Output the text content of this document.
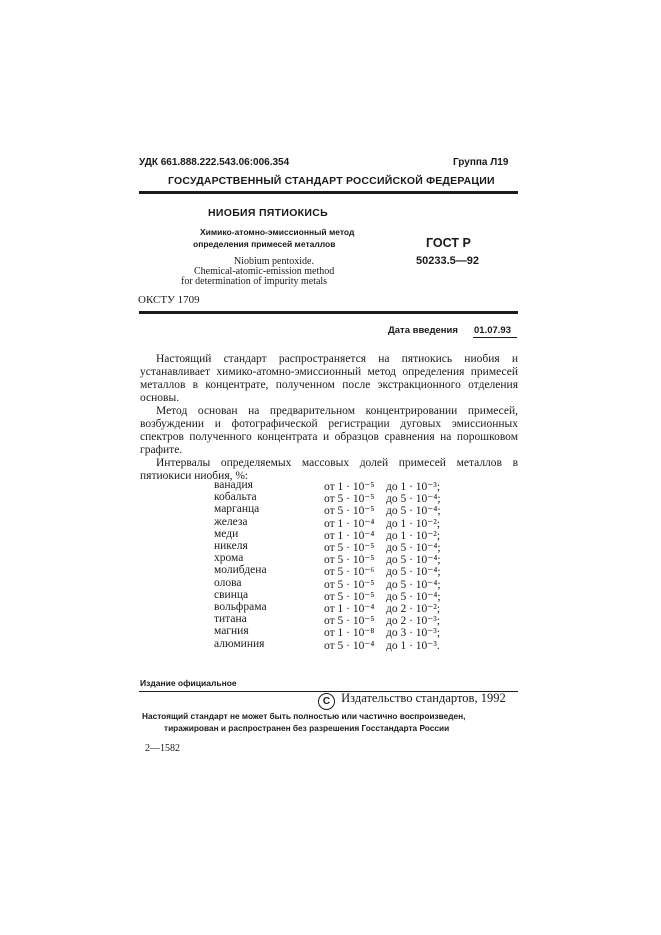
УДК 661.888.222.543.06:006.354	Группа Л19
ГОСУДАРСТВЕННЫЙ СТАНДАРТ РОССИЙСКОЙ ФЕДЕРАЦИИ
НИОБИЯ ПЯТИОКИСЬ
Химико-атомно-эмиссионный метод
определения примесей металлов
Niobium pentoxide.
Chemical-atomic-emission method
for determination of impurity metals
ГОСТ Р
50233.5—92
ОКСТУ 1709
Дата введения 01.07.93

Настоящий стандарт распространяется на пятиокись ниобия и устанавливает химико-атомно-эмиссионный метод определения примесей металлов в концентрате, полученном после экстракционного отделения основы.

Метод основан на предварительном концентрировании примесей, возбуждении и фотографической регистрации дуговых эмиссионных спектров полученного концентрата и образцов сравнения на порошковом графите.

Интервалы определяемых массовых долей примесей металлов в пятиокиси ниобия, %:

ванадия	от 1 · 10⁻⁵ до 1 · 10⁻³;
кобальта	от 5 · 10⁻⁵ до 5 · 10⁻⁴;
марганца	от 5 · 10⁻⁵ до 5 · 10⁻⁴;
железа	от 1 · 10⁻⁴ до 1 · 10⁻²;
меди	от 1 · 10⁻⁴ до 1 · 10⁻²;
никеля	от 5 · 10⁻⁵ до 5 · 10⁻⁴;
хрома	от 5 · 10⁻⁵ до 5 · 10⁻⁴;
молибдена	от 5 · 10⁻⁶ до 5 · 10⁻⁴;
олова	от 5 · 10⁻⁵ до 5 · 10⁻⁴;
свинца	от 5 · 10⁻⁵ до 5 · 10⁻⁴;
вольфрама	от 1 · 10⁻⁴ до 2 · 10⁻²;
титана	от 5 · 10⁻⁵ до 2 · 10⁻³;
магния	от 1 · 10⁻⁸ до 3 · 10⁻³;
алюминия	от 5 · 10⁻⁴ до 1 · 10⁻³.
Издание официальное
С Издательство стандартов, 1992
Настоящий стандарт не может быть полностью или частично воспроизведен,
тиражирован и распространен без разрешения Госстандарта России
2—1582
